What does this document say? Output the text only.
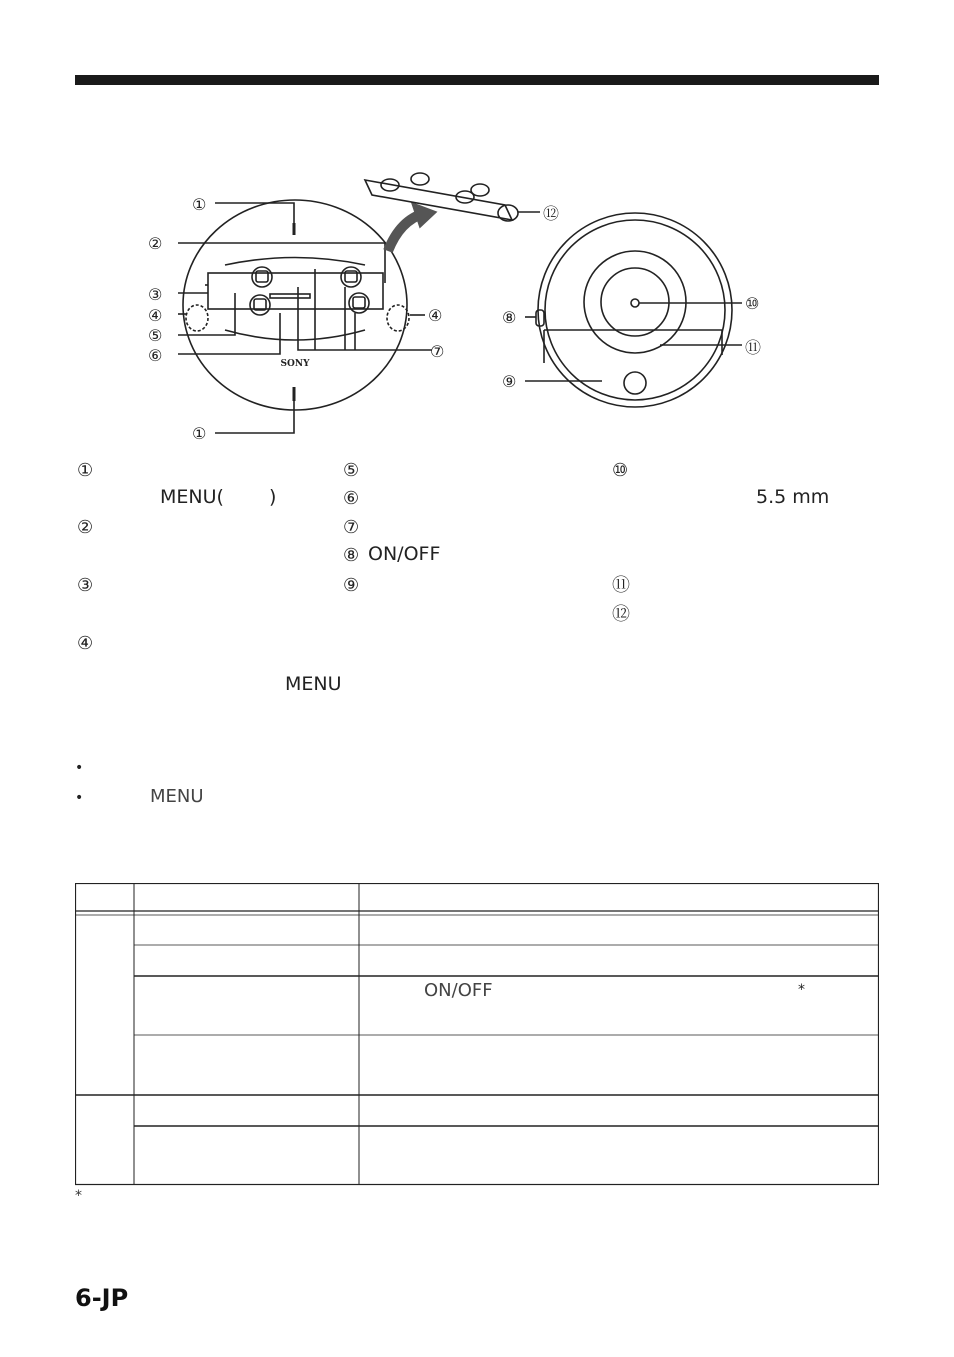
SONY
①
②
③
④
⑤
⑥
①
④
⑦
⑧
⑨
⑩
⑪
⑫
①
MENU( )
②
③
④
⑤
⑥
⑦
⑧ ON/OFF
⑨
⑩
5.5 mm
⑪
⑫
MENU
•
•	MENU
ON/OFF	*
*
6-JP
